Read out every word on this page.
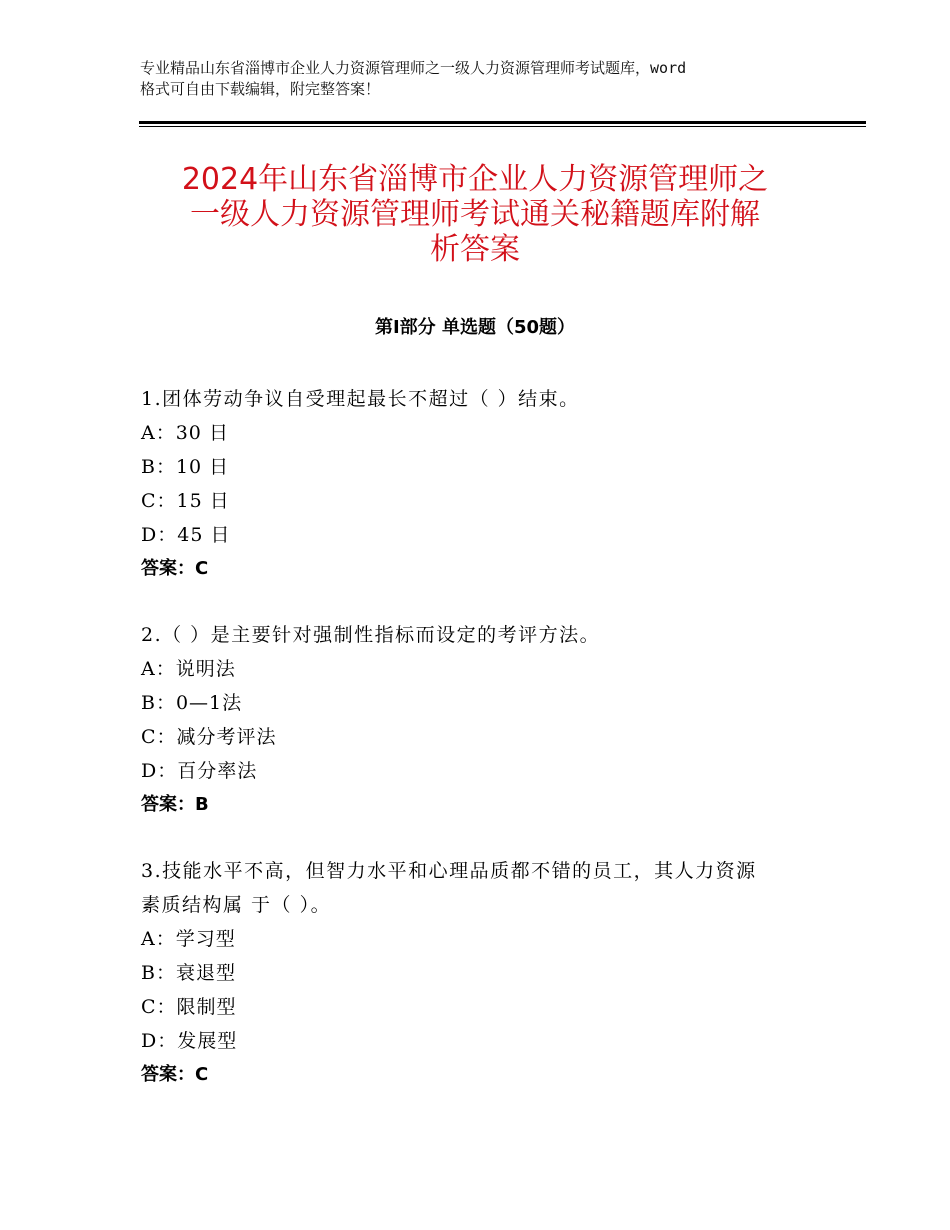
专业精品山东省淄博市企业人力资源管理师之一级人力资源管理师考试题库，word
格式可自由下载编辑，附完整答案！
2024年山东省淄博市企业人力资源管理师之
一级人力资源管理师考试通关秘籍题库附解
析答案
第Ⅰ部分 单选题（50题）
1.团体劳动争议自受理起最长不超过（ ）结束。
A：30 日
B：10 日
C：15 日
D：45 日
答案：C
2.（ ）是主要针对强制性指标而设定的考评方法。
A：说明法
B：0—1法
C：减分考评法
D：百分率法
答案：B
3.技能水平不高，但智力水平和心理品质都不错的员工，其人力资源
素质结构属 于（ ）。
A：学习型
B：衰退型
C：限制型
D：发展型
答案：C
